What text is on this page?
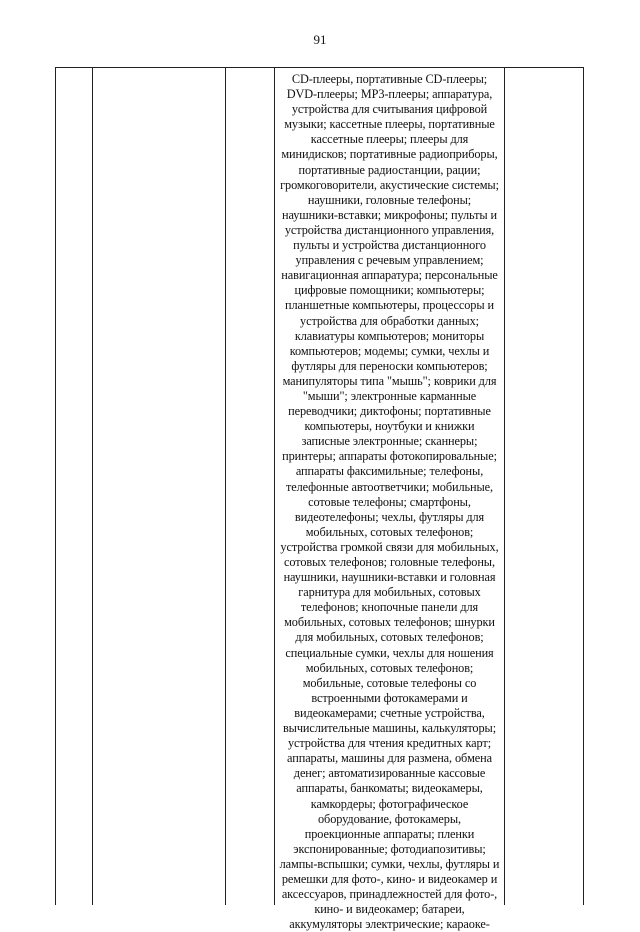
91
CD-плееры, портативные CD-плееры;
DVD-плееры; MP3-плееры; аппаратура,
устройства для считывания цифровой
музыки; кассетные плееры, портативные
кассетные плееры; плееры для
минидисков; портативные радиоприборы,
портативные радиостанции, рации;
громкоговорители, акустические системы;
наушники, головные телефоны;
наушники-вставки; микрофоны; пульты и
устройства дистанционного управления,
пульты и устройства дистанционного
управления с речевым управлением;
навигационная аппаратура; персональные
цифровые помощники; компьютеры;
планшетные компьютеры, процессоры и
устройства для обработки данных;
клавиатуры компьютеров; мониторы
компьютеров; модемы; сумки, чехлы и
футляры для переноски компьютеров;
манипуляторы типа "мышь"; коврики для
"мыши"; электронные карманные
переводчики; диктофоны; портативные
компьютеры, ноутбуки и книжки
записные электронные; сканнеры;
принтеры; аппараты фотокопировальные;
аппараты факсимильные; телефоны,
телефонные автоответчики; мобильные,
сотовые телефоны; смартфоны,
видеотелефоны; чехлы, футляры для
мобильных, сотовых телефонов;
устройства громкой связи для мобильных,
сотовых телефонов; головные телефоны,
наушники, наушники-вставки и головная
гарнитура для мобильных, сотовых
телефонов; кнопочные панели для
мобильных, сотовых телефонов; шнурки
для мобильных, сотовых телефонов;
специальные сумки, чехлы для ношения
мобильных, сотовых телефонов;
мобильные, сотовые телефоны со
встроенными фотокамерами и
видеокамерами; счетные устройства,
вычислительные машины, калькуляторы;
устройства для чтения кредитных карт;
аппараты, машины для размена, обмена
денег; автоматизированные кассовые
аппараты, банкоматы; видеокамеры,
камкордеры; фотографическое
оборудование, фотокамеры,
проекционные аппараты; пленки
экспонированные; фотодиапозитивы;
лампы-вспышки; сумки, чехлы, футляры и
ремешки для фото-, кино- и видеокамер и
аксессуаров, принадлежностей для фото-,
кино- и видеокамер; батареи,
аккумуляторы электрические; караоке-
